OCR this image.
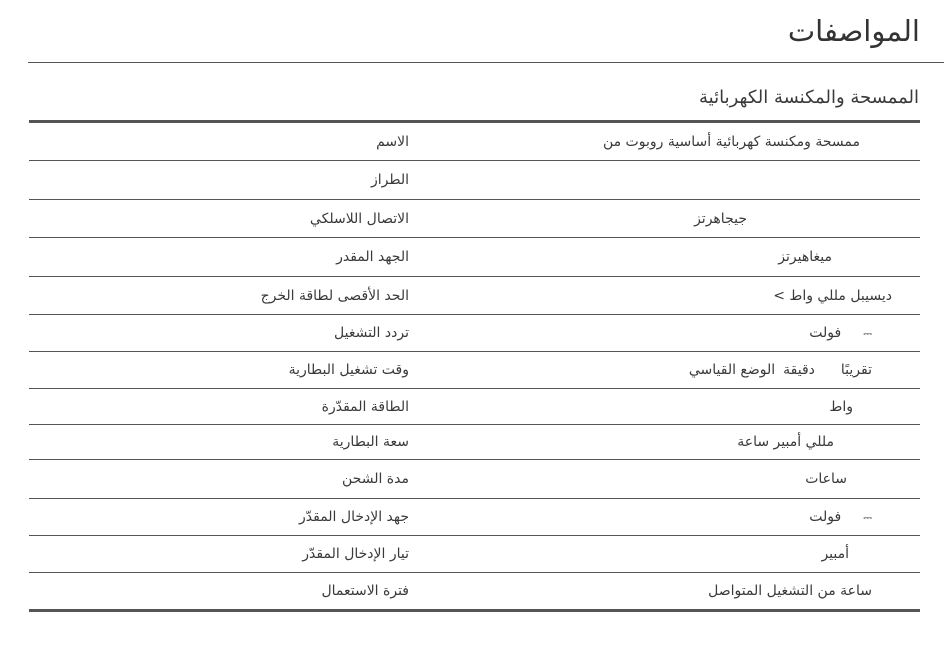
المواصفات
الممسحة والمكنسة الكهربائية
الاسم	ممسحة ومكنسة كهربائية أساسية روبوت من
الطراز	
الاتصال اللاسلكي	جيجاهرتز
الجهد المقدر	ميغاهيرتز
الحد الأقصى لطاقة الخرج	ديسيبل مللي واط >
تردد التشغيل	⎓فولت
وقت تشغيل البطارية	تقريبًادقيقةالوضع القياسي
الطاقة المقدّرة	واط
سعة البطارية	مللي أمبير ساعة
مدة الشحن	ساعات
جهد الإدخال المقدّر	⎓فولت
تيار الإدخال المقدّر	أمبير
فترة الاستعمال	ساعة من التشغيل المتواصل
